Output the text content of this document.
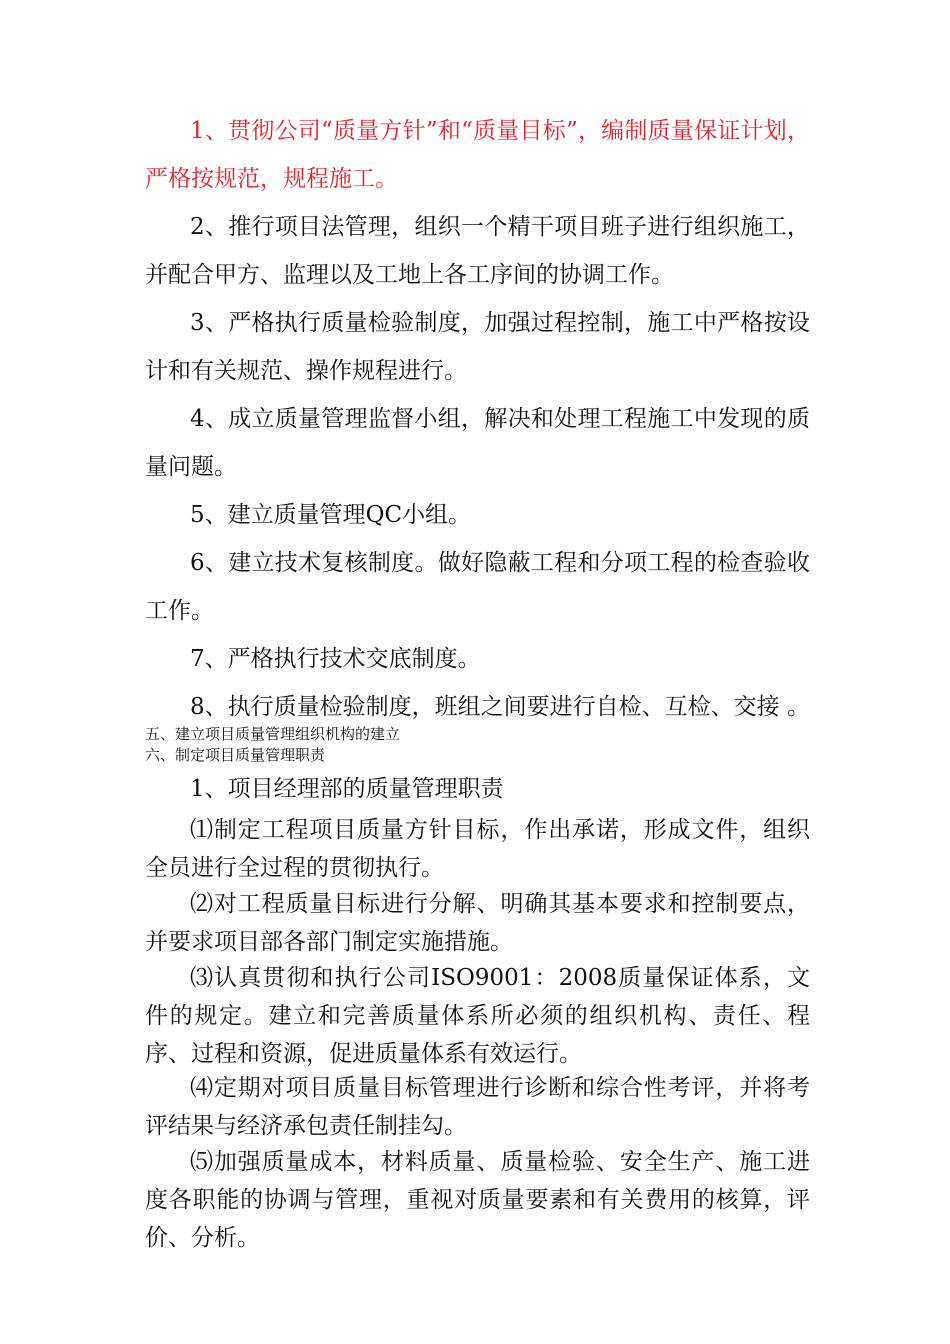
1、贯彻公司“质量方针”和“质量目标”，编制质量保证计划，严格按规范，规程施工。
2、推行项目法管理，组织一个精干项目班子进行组织施工，并配合甲方、监理以及工地上各工序间的协调工作。
3、严格执行质量检验制度，加强过程控制，施工中严格按设计和有关规范、操作规程进行。
4、成立质量管理监督小组，解决和处理工程施工中发现的质量问题。
5、建立质量管理QC小组。
6、建立技术复核制度。做好隐蔽工程和分项工程的检查验收工作。
7、严格执行技术交底制度。
8、执行质量检验制度，班组之间要进行自检、互检、交接 。
五、建立项目质量管理组织机构的建立
六、制定项目质量管理职责
1、项目经理部的质量管理职责
⑴制定工程项目质量方针目标，作出承诺，形成文件，组织全员进行全过程的贯彻执行。
⑵对工程质量目标进行分解、明确其基本要求和控制要点，并要求项目部各部门制定实施措施。
⑶认真贯彻和执行公司ISO9001：2008质量保证体系，文件的规定。建立和完善质量体系所必须的组织机构、责任、程序、过程和资源，促进质量体系有效运行。
⑷定期对项目质量目标管理进行诊断和综合性考评，并将考评结果与经济承包责任制挂勾。
⑸加强质量成本，材料质量、质量检验、安全生产、施工进度各职能的协调与管理，重视对质量要素和有关费用的核算，评价、分析。
